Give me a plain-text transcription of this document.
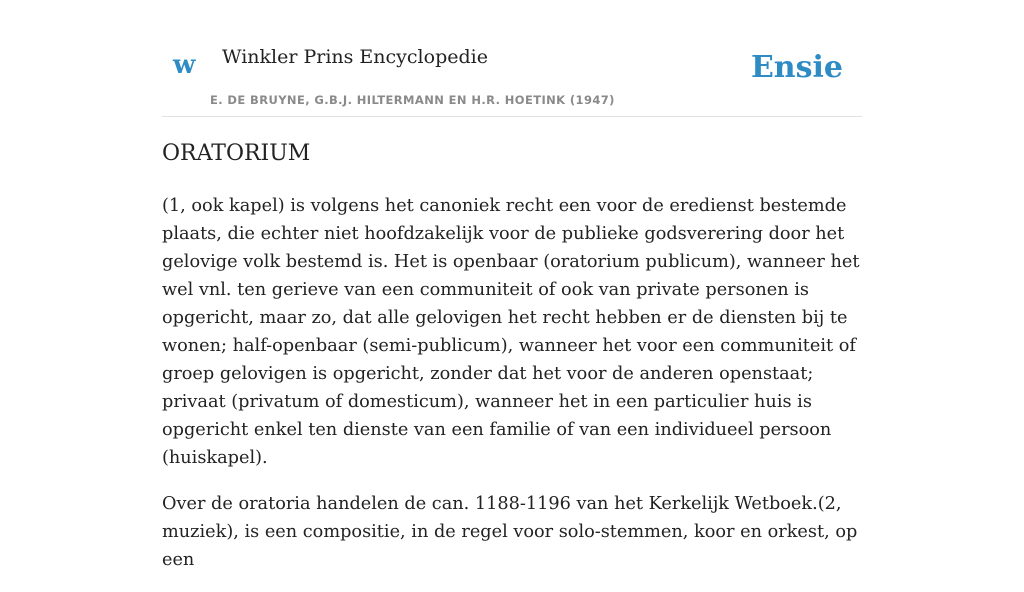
w Winkler Prins Encyclopedie
E. DE BRUYNE, G.B.J. HILTERMANN EN H.R. HOETINK (1947)
Ensie
ORATORIUM

(1, ook kapel) is volgens het canoniek recht een voor de eredienst bestemde plaats, die echter niet hoofdzakelijk voor de publieke godsverering door het gelovige volk bestemd is. Het is openbaar (oratorium publicum), wanneer het wel vnl. ten gerieve van een communiteit of ook van private personen is opgericht, maar zo, dat alle gelovigen het recht hebben er de diensten bij te wonen; half-openbaar (semi-publicum), wanneer het voor een communiteit of groep gelovigen is opgericht, zonder dat het voor de anderen openstaat; privaat (privatum of domesticum), wanneer het in een particulier huis is opgericht enkel ten dienste van een familie of van een individueel persoon (huiskapel).

Over de oratoria handelen de can. 1188-1196 van het Kerkelijk Wetboek.(2, muziek), is een compositie, in de regel voor solo-stemmen, koor en orkest, op een
